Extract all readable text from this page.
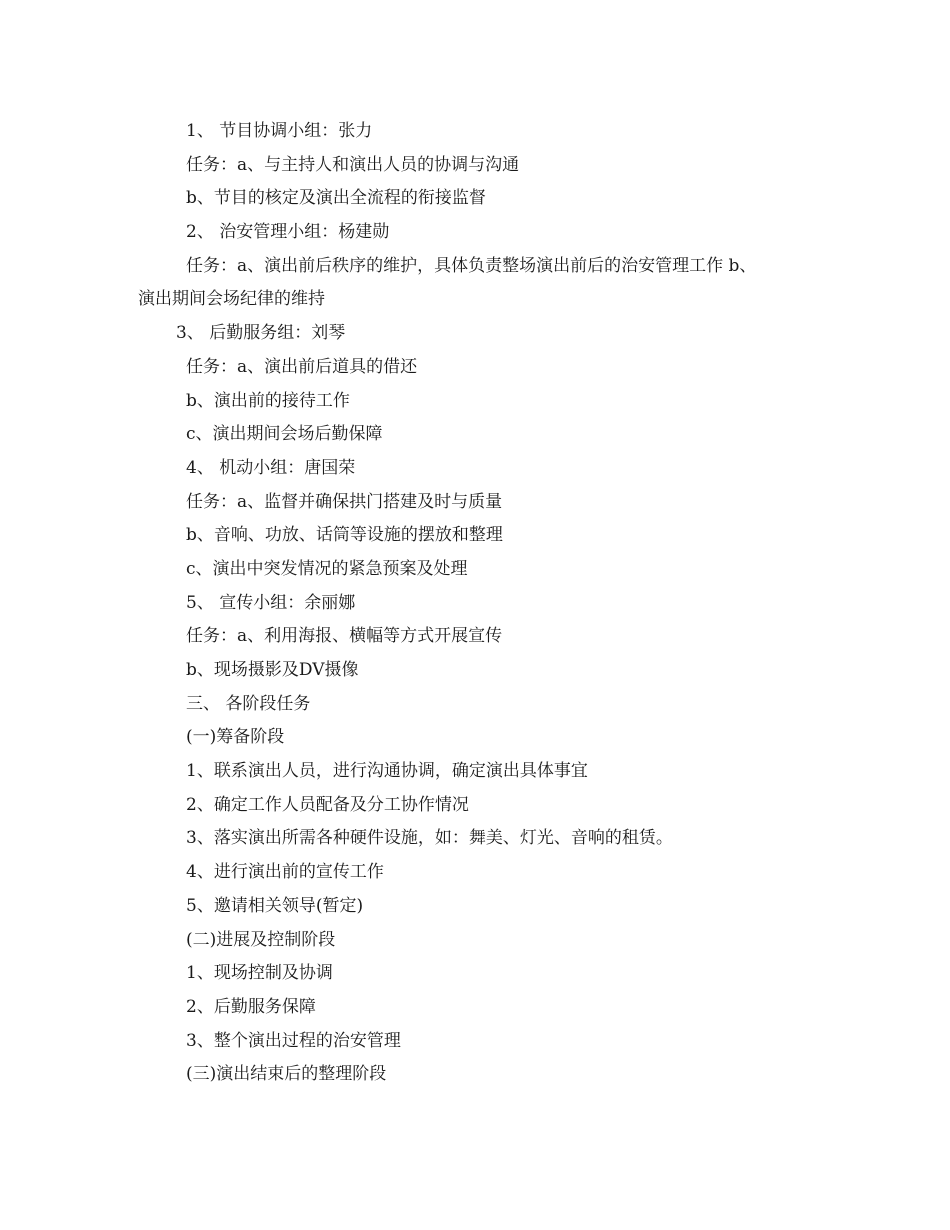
1、 节目协调小组：张力
任务：a、与主持人和演出人员的协调与沟通
b、节目的核定及演出全流程的衔接监督
2、 治安管理小组：杨建勋
任务：a、演出前后秩序的维护，具体负责整场演出前后的治安管理工作 b、
演出期间会场纪律的维持
3、 后勤服务组：刘琴
任务：a、演出前后道具的借还
b、演出前的接待工作
c、演出期间会场后勤保障
4、 机动小组：唐国荣
任务：a、监督并确保拱门搭建及时与质量
b、音响、功放、话筒等设施的摆放和整理
c、演出中突发情况的紧急预案及处理
5、 宣传小组：余丽娜
任务：a、利用海报、横幅等方式开展宣传
b、现场摄影及DV摄像
三、 各阶段任务
(一)筹备阶段
1、联系演出人员，进行沟通协调，确定演出具体事宜
2、确定工作人员配备及分工协作情况
3、落实演出所需各种硬件设施，如：舞美、灯光、音响的租赁。
4、进行演出前的宣传工作
5、邀请相关领导(暂定)
(二)进展及控制阶段
1、现场控制及协调
2、后勤服务保障
3、整个演出过程的治安管理
(三)演出结束后的整理阶段
